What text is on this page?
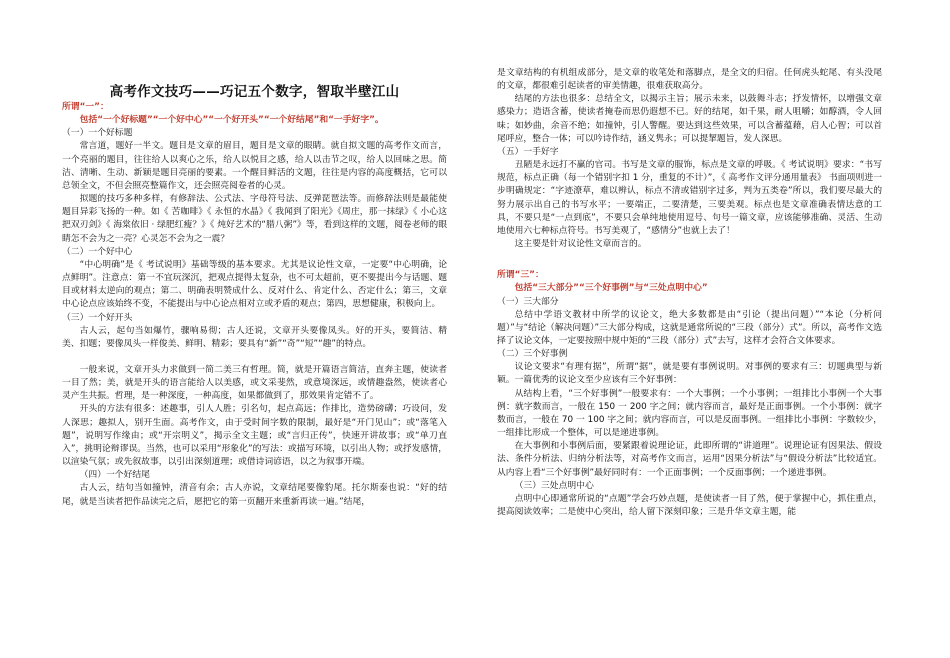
高考作文技巧——巧记五个数字，智取半壁江山

所谓“一”：

包括“一个好标题”“一个好中心”“一个好开头”“一个好结尾”和“一手好字”。

（一）一个好标题

常言道，题好一半文。题目是文章的眉目，题目是文章的眼睛。就自拟文题的高考作文而言，一个亮丽的题目，往往给人以爽心之乐，给人以悦目之感，给人以击节之叹，给人以回味之思。简洁、清晰、生动、新颖是题目亮丽的要素。一个醒目鲜活的文题，往往是内容的高度概括，它可以总领全文，不但会照亮整篇作文，还会照亮阅卷者的心灵。

拟题的技巧多种多样，有修辞法、公式法、字母符号法、反弹琵琶法等。而修辞法则是最能使题目异彩飞扬的一种。如《 苦咖啡》《 永恒的水晶》《 我闻到了阳光》《周庄，那一抹绿》《 小心这把双刃剑》《 海棠依旧 · 绿肥红瘦？》《 炖好艺术的“腊八粥”》等，看到这样的文题，阅卷老师的眼睛怎不会为之一亮？心灵怎不会为之一震？

（二）一个好中心

“中心明确”是《 考试说明》基础等级的基本要求。尤其是议论性文章，一定要“中心明确，论点鲜明”。注意点：第一不宜玩深沉，把观点提得太复杂，也不可太超前，更不要提出今与话题、题目或材料太逆向的观点；第二、明确表明赞成什么、反对什么、肯定什么、否定什么；第三，文章中心论点应该始终不变，不能提出与中心论点相对立或矛盾的观点；第四，思想健康，积极向上。

（三）一个好开头

古人云，起句当如爆竹，骤响易彻；古人还说，文章开头要像凤头。好的开头，要简洁、精美、扣题；要像凤头一样俊美、鲜明、精彩；要具有“新”“奇”“短”“趣”的特点。

一般来说，文章开头力求做到一简二美三有哲理。简，就是开篇语言简洁，直奔主题，使读者一目了然；美，就是开头的语言能给人以美感，或文采斐然，或意境深远，或情趣盎然，使读者心灵产生共振。哲理，是一种深度，一种高度，如果都做到了，那效果肯定错不了。

开头的方法有很多：述趣事，引人人胜；引名句，起点高远；作排比，造势磅礴；巧设问，发人深思；趣拟人，别开生面。高考作文，由于受时间字数的限制，最好是“开门见山”；或“落笔入题”，说明写作缘由；或“开宗明义”，揭示全文主题；或“言归正传”，快速开讲故事；或“单刀直入”，挑明论辩谬误。当然，也可以采用“形象化”的写法：或描写环境，以引出人物；或抒发感情，以渲染气氛；或先叙故事，以引出深刻道理；或借诗词谚语，以之为叙事开端。

（四）一个好结尾

古人云，结句当如撞钟，清音有余；古人亦说，文章结尾要像豹尾。托尔斯泰也说：“好的结尾，就是当读者把作品读完之后，愿把它的第一页翻开来重新再读一遍。”结尾，

是文章结构的有机组成部分，是文章的收笔处和落脚点，是全文的归宿。任何虎头蛇尾、有头没尾的文章，都很难引起读者的审美情趣，很难获取高分。

结尾的方法也很多：总结全文，以揭示主旨；展示未来，以鼓舞斗志；抒发情怀，以增强文章感染力；造语含蓄，使读者掩卷而思仍遐想不已。好的结尾，如千果，耐人咀嚼；如醇酒，令人回味；如妙曲，余音不绝；如撞钟，引人警醒。要达到这些效果，可以含蓄蕴藉，启人心智；可以首尾呼应，整合一体；可以吟诗作结，涵义隽永；可以提挈题旨，发人深思。

（五）一手好字

丑陋是永远打不赢的官司。书写是文章的服饰，标点是文章的呼吸。《 考试说明》要求：“书写规范，标点正确（每一个错别字扣 1 分，重复的不计）”，《 高考作文评分通用量表》 书面项则进一步明确规定：“字迹潦草，难以辨认，标点不清或错别字过多，判为五类卷”所以，我们要尽最大的努力展示出自己的书写水平；一要端正，二要清楚，三要美观。标点也是文章准确表情达意的工具，不要只是“一点到底”，不要只会单纯地使用逗号、句号一篇文章，应该能够准确、灵活、生动地使用六七种标点符号。书写美观了，“感情分”也就上去了！

这主要是针对议论性文章而言的。

所谓“三”：

包括“三大部分”“三个好事例”与“三处点明中心”

（一）三大部分

总结中学语文教材中所学的议论文，绝大多数都是由“引论（提出问题）”“本论（分析问题）”与“结论（解决问题）”三大部分构成，这就是通常所说的“三段（部分）式”。所以，高考作文选择了议论文体，一定要按照中规中矩的“三段（部分）式”去写，这样才会符合文体要求。

（二）三个好事例

议论文要求“有理有据”，所谓“据”，就是要有事例说明。对事例的要求有三：切题典型与新颖。一篇优秀的议论文至少应该有三个好事例：

从结构上看，“三个好事例”一般要求有：一个大事例；一个小事例；一组排比小事例一个大事例：就字数而言，一般在 150 一 200 字之间；就内容而言，最好是正面事例。一个小事例：就字数而言，一般在 70 一 100 字之间；就内容而言，可以是反面事例。一组排比小事例：字数较少，一组排比形成一个整体，可以是递进事例。

在大事例和小事例后面，要紧跟着说理论证，此即所谓的“讲道理”。说理论证有因果法、假设法、条件分析法、归纳分析法等，对高考作文而言，运用“因果分析法”与“假设分析法”比较适宜。从内容上看“三个好事例”最好同时有：一个正面事例；一个反面事例；一个递进事例。

（三）三处点明中心

点明中心即通常所说的“点题”学会巧妙点题，是使读者一目了然，便于掌握中心，抓住重点，提高阅读效率；二是使中心突出，给人留下深刻印象；三是升华文章主题，能
